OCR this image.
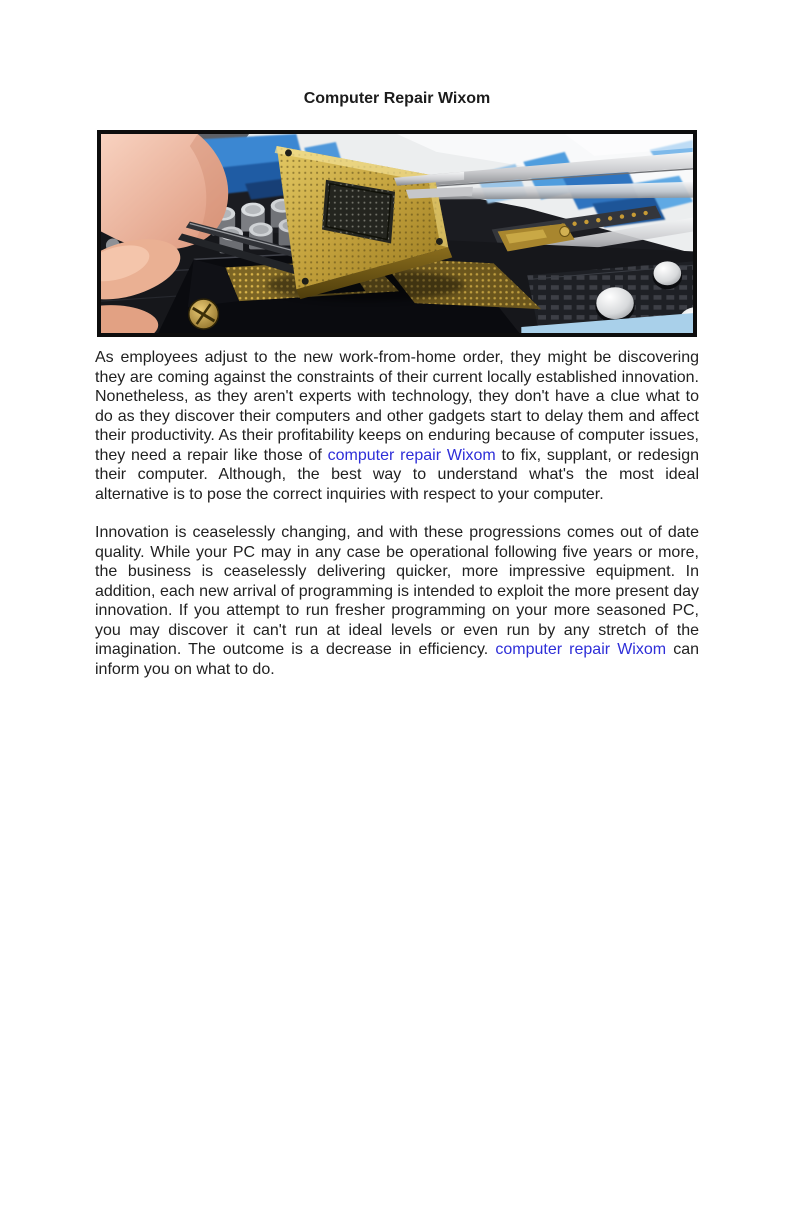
Computer Repair Wixom

As employees adjust to the new work-from-home order, they might be discovering they are coming against the constraints of their current locally established innovation. Nonetheless, as they aren't experts with technology, they don't have a clue what to do as they discover their computers and other gadgets start to delay them and affect their productivity. As their profitability keeps on enduring because of computer issues, they need a repair like those of computer repair Wixom to fix, supplant, or redesign their computer. Although, the best way to understand what's the most ideal alternative is to pose the correct inquiries with respect to your computer.

Innovation is ceaselessly changing, and with these progressions comes out of date quality. While your PC may in any case be operational following five years or more, the business is ceaselessly delivering quicker, more impressive equipment. In addition, each new arrival of programming is intended to exploit the more present day innovation. If you attempt to run fresher programming on your more seasoned PC, you may discover it can't run at ideal levels or even run by any stretch of the imagination. The outcome is a decrease in efficiency. computer repair Wixom can inform you on what to do.
